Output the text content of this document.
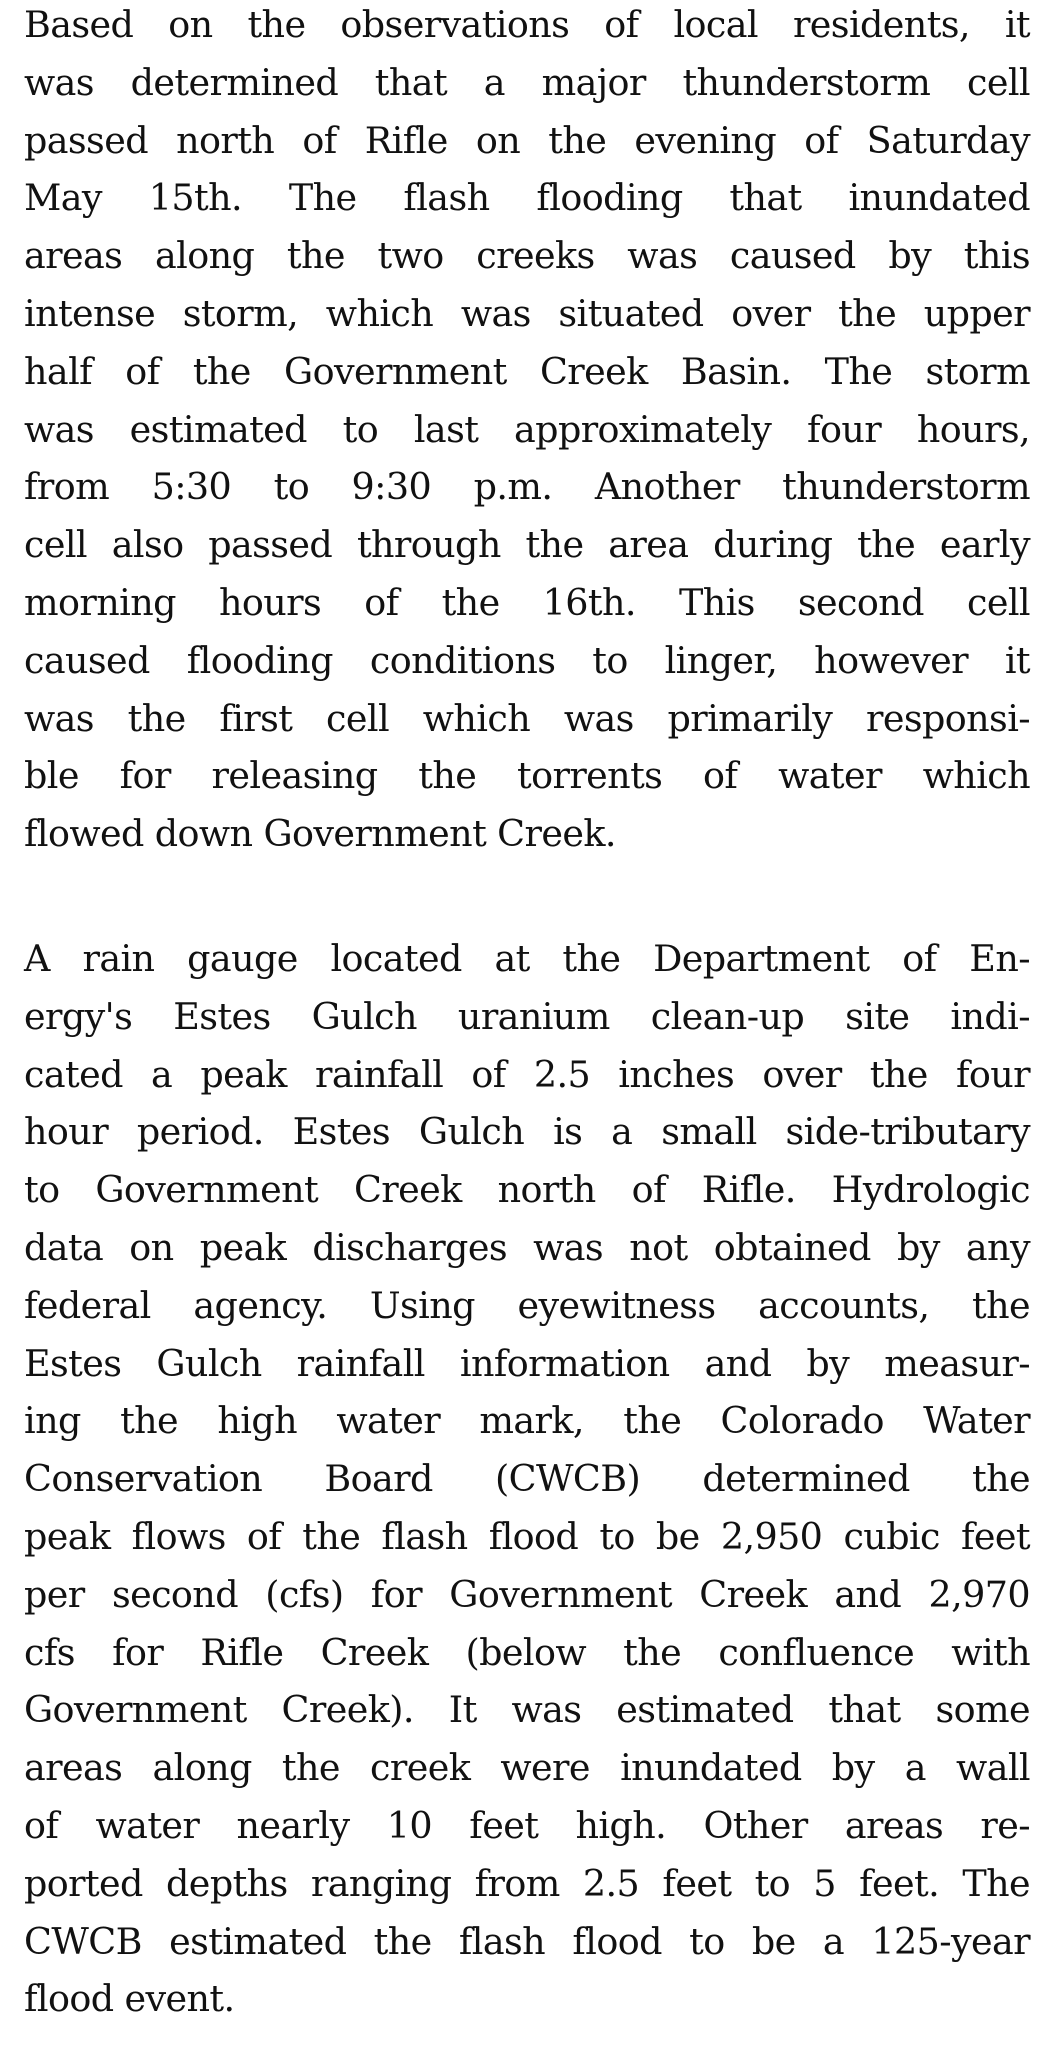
Based on the observations of local residents, it
was determined that a major thunderstorm cell
passed north of Rifle on the evening of Saturday
May 15th. The flash flooding that inundated
areas along the two creeks was caused by this
intense storm, which was situated over the upper
half of the Government Creek Basin. The storm
was estimated to last approximately four hours,
from 5:30 to 9:30 p.m. Another thunderstorm
cell also passed through the area during the early
morning hours of the 16th. This second cell
caused flooding conditions to linger, however it
was the first cell which was primarily responsi-
ble for releasing the torrents of water which
flowed down Government Creek.
A rain gauge located at the Department of En-
ergy's Estes Gulch uranium clean-up site indi-
cated a peak rainfall of 2.5 inches over the four
hour period. Estes Gulch is a small side-tributary
to Government Creek north of Rifle. Hydrologic
data on peak discharges was not obtained by any
federal agency. Using eyewitness accounts, the
Estes Gulch rainfall information and by measur-
ing the high water mark, the Colorado Water
Conservation Board (CWCB) determined the
peak flows of the flash flood to be 2,950 cubic feet
per second (cfs) for Government Creek and 2,970
cfs for Rifle Creek (below the confluence with
Government Creek). It was estimated that some
areas along the creek were inundated by a wall
of water nearly 10 feet high. Other areas re-
ported depths ranging from 2.5 feet to 5 feet. The
CWCB estimated the flash flood to be a 125-year
flood event.
